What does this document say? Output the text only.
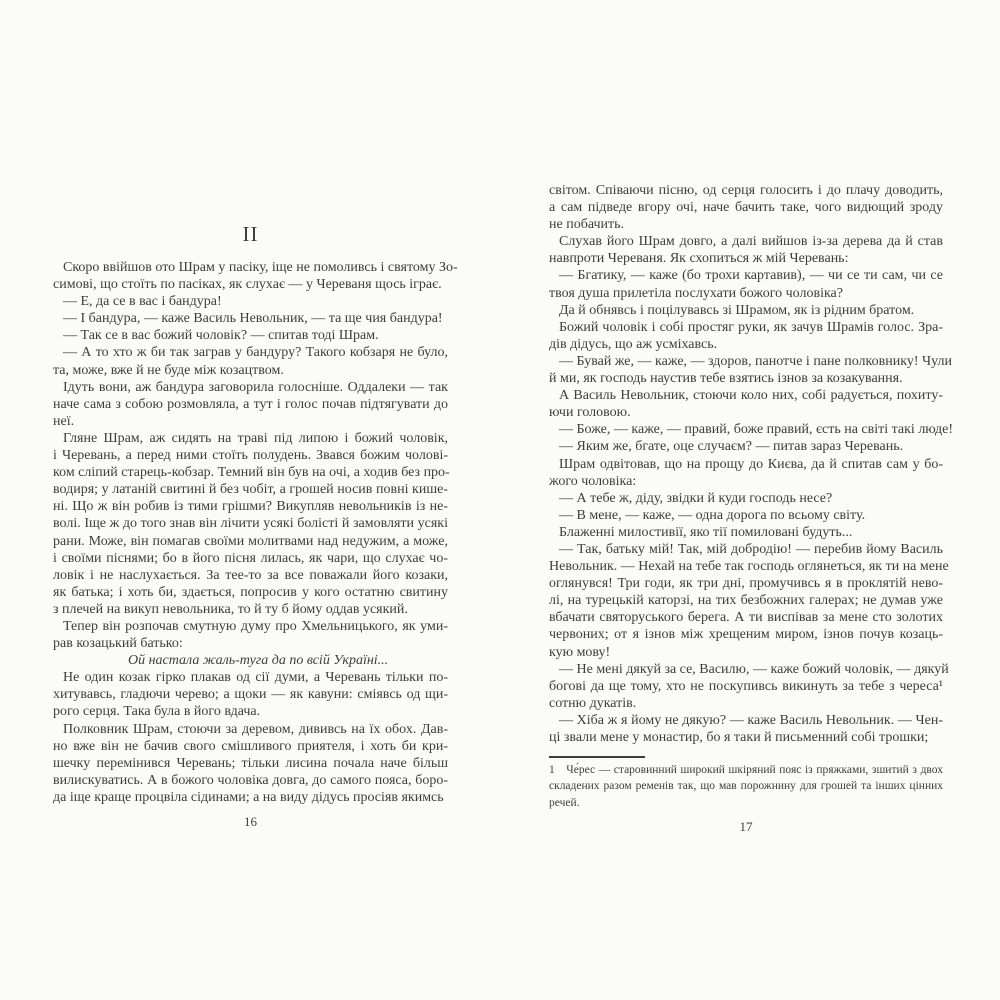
II
Скоро ввійшов ото Шрам у пасіку, іще не помоливсь і святому Зо-
симові, що стоїть по пасіках, як слухає — у Череваня щось іграє.
— Е, да се в вас і бандура!
— І бандура, — каже Василь Невольник, — та ще чия бандура!
— Так се в вас божий чоловік? — спитав тоді Шрам.
— А то хто ж би так заграв у бандуру? Такого кобзаря не було,
та, може, вже й не буде між козацтвом.
Ідуть вони, аж бандура заговорила голосніше. Оддалеки — так
наче сама з собою розмовляла, а тут і голос почав підтягувати до
неї.
Гляне Шрам, аж сидять на траві під липою і божий чоловік,
і Черевань, а перед ними стоїть полудень. Звався божим чолові-
ком сліпий старець-кобзар. Темний він був на очі, а ходив без про-
водиря; у латаній свитині й без чобіт, а грошей носив повні кише-
ні. Що ж він робив із тими грішми? Викупляв невольників із не-
волі. Іще ж до того знав він лічити усякі болісті й замовляти усякі
рани. Може, він помагав своїми молитвами над недужим, а може,
і своїми піснями; бо в його пісня лилась, як чари, що слухає чо-
ловік і не наслухається. За тее-то за все поважали його козаки,
як батька; і хоть би, здається, попросив у кого остатню свитину
з плечей на викуп невольника, то й ту б йому оддав усякий.
Тепер він розпочав смутную думу про Хмельницького, як уми-
рав козацький батько:
Ой настала жаль-туга да по всій Україні...
Не один козак гірко плакав од сії думи, а Черевань тільки по-
хитувавсь, гладючи черево; а щоки — як кавуни: сміявсь од щи-
рого серця. Така була в його вдача.
Полковник Шрам, стоючи за деревом, дививсь на їх обох. Дав-
но вже він не бачив свого смішливого приятеля, і хоть би кри-
шечку перемінився Черевань; тільки лисина почала наче більш
вилискуватись. А в божого чоловіка довга, до самого пояса, боро-
да іще краще процвіла сідинами; а на виду дідусь просіяв якимсь
світом. Співаючи пісню, од серця голосить і до плачу доводить,
а сам підведе вгору очі, наче бачить таке, чого видющий зроду
не побачить.
Слухав його Шрам довго, а далі вийшов із-за дерева да й став
навпроти Череваня. Як схопиться ж мій Черевань:
— Бгатику, — каже (бо трохи картавив), — чи се ти сам, чи се
твоя душа прилетіла послухати божого чоловіка?
Да й обнявсь і поцілувавсь зі Шрамом, як із рідним братом.
Божий чоловік і собі простяг руки, як зачув Шрамів голос. Зра-
дів дідусь, що аж усміхавсь.
— Бувай же, — каже, — здоров, панотче і пане полковнику! Чули
й ми, як господь наустив тебе взятись ізнов за козакування.
А Василь Невольник, стоючи коло них, собі радується, похиту-
ючи головою.
— Боже, — каже, — правий, боже правий, єсть на світі такі люде!
— Яким же, бгате, оце случаєм? — питав зараз Черевань.
Шрам одвітовав, що на прощу до Києва, да й спитав сам у бо-
жого чоловіка:
— А тебе ж, діду, звідки й куди господь несе?
— В мене, — каже, — одна дорога по всьому світу.
Блаженні милостивії, яко тії помиловані будуть...
— Так, батьку мій! Так, мій добродію! — перебив йому Василь
Невольник. — Нехай на тебе так господь оглянеться, як ти на мене
оглянувся! Три годи, як три дні, промучивсь я в проклятій нево-
лі, на турецькій каторзі, на тих безбожних галерах; не думав уже
вбачати святоруського берега. А ти виспівав за мене сто золотих
червоних; от я ізнов між хрещеним миром, ізнов почув козаць-
кую мову!
— Не мені дякуй за се, Василю, — каже божий чоловік, — дякуй
богові да ще тому, хто не поскупивсь викинуть за тебе з череса¹
сотню дукатів.
— Хіба ж я йому не дякую? — каже Василь Невольник. — Чен-
ці звали мене у монастир, бо я таки й письменний собі трошки;
1 Че́рес — старовинний широкий шкіряний пояс із пряжками, зшитий з двох
складених разом ременів так, що мав порожнину для грошей та інших цінних
речей.
16	17
